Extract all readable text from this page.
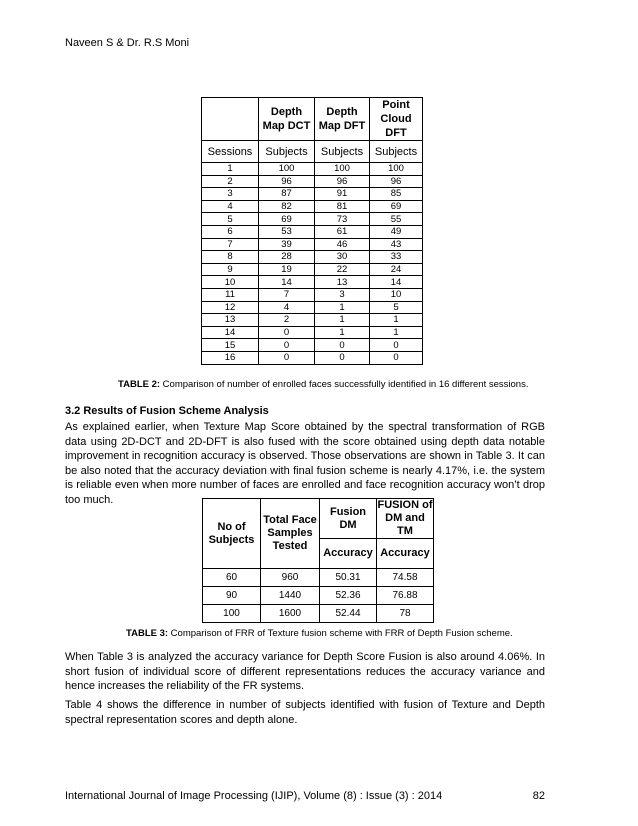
Naveen S & Dr. R.S Moni
	Depth Map DCT	Depth Map DFT	Point Cloud DFT
Sessions	Subjects	Subjects	Subjects
1	100	100	100
2	96	96	96
3	87	91	85
4	82	81	69
5	69	73	55
6	53	61	49
7	39	46	43
8	28	30	33
9	19	22	24
10	14	13	14
11	7	3	10
12	4	1	5
13	2	1	1
14	0	1	1
15	0	0	0
16	0	0	0
TABLE 2: Comparison of number of enrolled faces successfully identified in 16 different sessions.
3.2 Results of Fusion Scheme Analysis

As explained earlier, when Texture Map Score obtained by the spectral transformation of RGB data using 2D-DCT and 2D-DFT is also fused with the score obtained using depth data notable improvement in recognition accuracy is observed. Those observations are shown in Table 3. It can be also noted that the accuracy deviation with final fusion scheme is nearly 4.17%, i.e. the system is reliable even when more number of faces are enrolled and face recognition accuracy won’t drop too much.

No of Subjects	Total Face Samples Tested	Fusion DM	FUSION of DM and TM
		Accuracy	Accuracy
60	960	50.31	74.58
90	1440	52.36	76.88
100	1600	52.44	78
TABLE 3: Comparison of FRR of Texture fusion scheme with FRR of Depth Fusion scheme.

When Table 3 is analyzed the accuracy variance for Depth Score Fusion is also around 4.06%. In short fusion of individual score of different representations reduces the accuracy variance and hence increases the reliability of the FR systems.

Table 4 shows the difference in number of subjects identified with fusion of Texture and Depth spectral representation scores and depth alone.

International Journal of Image Processing (IJIP), Volume (8) : Issue (3) : 2014	82
